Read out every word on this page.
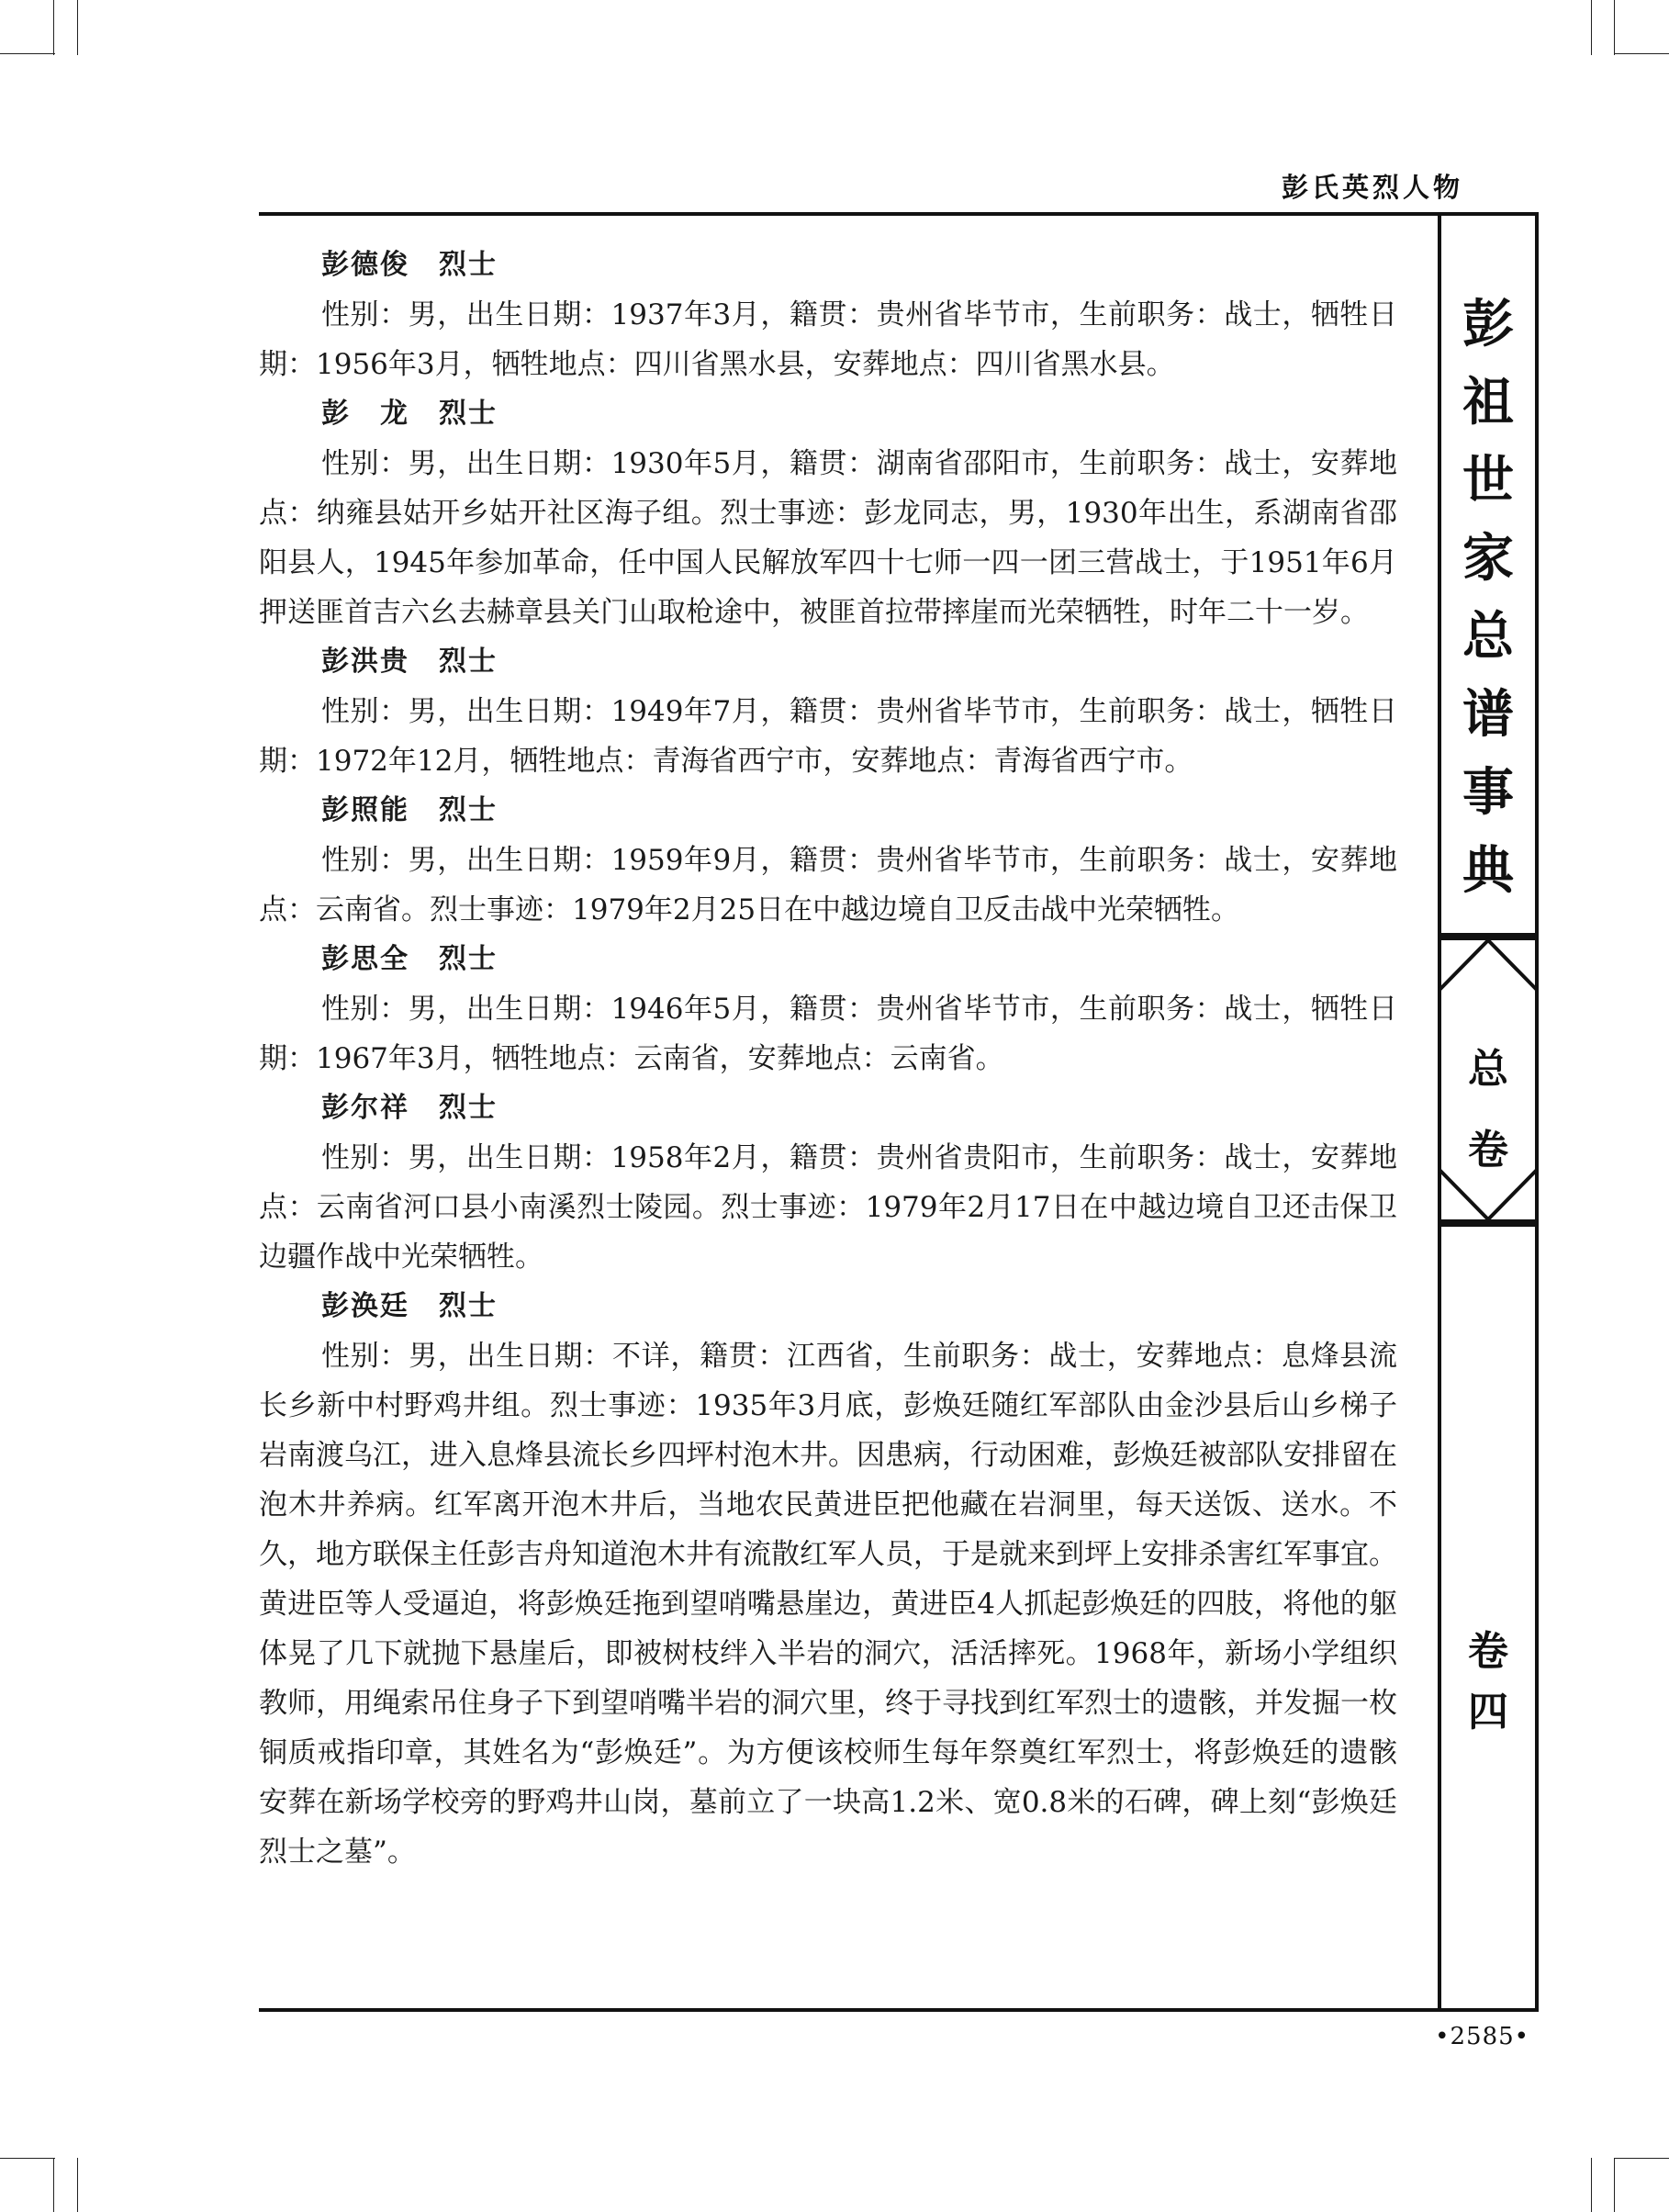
彭氏英烈人物
彭
祖
世
家
总
谱
事
典
总
卷
卷
四

彭德俊　烈士

性别：男，出生日期：1937年3月，籍贯：贵州省毕节市，生前职务：战士，牺牲日期：1956年3月，牺牲地点：四川省黑水县，安葬地点：四川省黑水县。

彭　龙　烈士

性别：男，出生日期：1930年5月，籍贯：湖南省邵阳市，生前职务：战士，安葬地点：纳雍县姑开乡姑开社区海子组。烈士事迹：彭龙同志，男，1930年出生，系湖南省邵阳县人，1945年参加革命，任中国人民解放军四十七师一四一团三营战士，于1951年6月押送匪首吉六幺去赫章县关门山取枪途中，被匪首拉带摔崖而光荣牺牲，时年二十一岁。

彭洪贵　烈士

性别：男，出生日期：1949年7月，籍贯：贵州省毕节市，生前职务：战士，牺牲日期：1972年12月，牺牲地点：青海省西宁市，安葬地点：青海省西宁市。

彭照能　烈士

性别：男，出生日期：1959年9月，籍贯：贵州省毕节市，生前职务：战士，安葬地点：云南省。烈士事迹：1979年2月25日在中越边境自卫反击战中光荣牺牲。

彭思全　烈士

性别：男，出生日期：1946年5月，籍贯：贵州省毕节市，生前职务：战士，牺牲日期：1967年3月，牺牲地点：云南省，安葬地点：云南省。

彭尔祥　烈士

性别：男，出生日期：1958年2月，籍贯：贵州省贵阳市，生前职务：战士，安葬地点：云南省河口县小南溪烈士陵园。烈士事迹：1979年2月17日在中越边境自卫还击保卫边疆作战中光荣牺牲。

彭涣廷　烈士

性别：男，出生日期：不详，籍贯：江西省，生前职务：战士，安葬地点：息烽县流长乡新中村野鸡井组。烈士事迹：1935年3月底，彭焕廷随红军部队由金沙县后山乡梯子岩南渡乌江，进入息烽县流长乡四坪村泡木井。因患病，行动困难，彭焕廷被部队安排留在泡木井养病。红军离开泡木井后，当地农民黄进臣把他藏在岩洞里，每天送饭、送水。不久，地方联保主任彭吉舟知道泡木井有流散红军人员，于是就来到坪上安排杀害红军事宜。黄进臣等人受逼迫，将彭焕廷拖到望哨嘴悬崖边，黄进臣4人抓起彭焕廷的四肢，将他的躯体晃了几下就抛下悬崖后，即被树枝绊入半岩的洞穴，活活摔死。1968年，新场小学组织教师，用绳索吊住身子下到望哨嘴半岩的洞穴里，终于寻找到红军烈士的遗骸，并发掘一枚铜质戒指印章，其姓名为“彭焕廷”。为方便该校师生每年祭奠红军烈士，将彭焕廷的遗骸安葬在新场学校旁的野鸡井山岗，墓前立了一块高1.2米、宽0.8米的石碑，碑上刻“彭焕廷烈士之墓”。

•2585•
